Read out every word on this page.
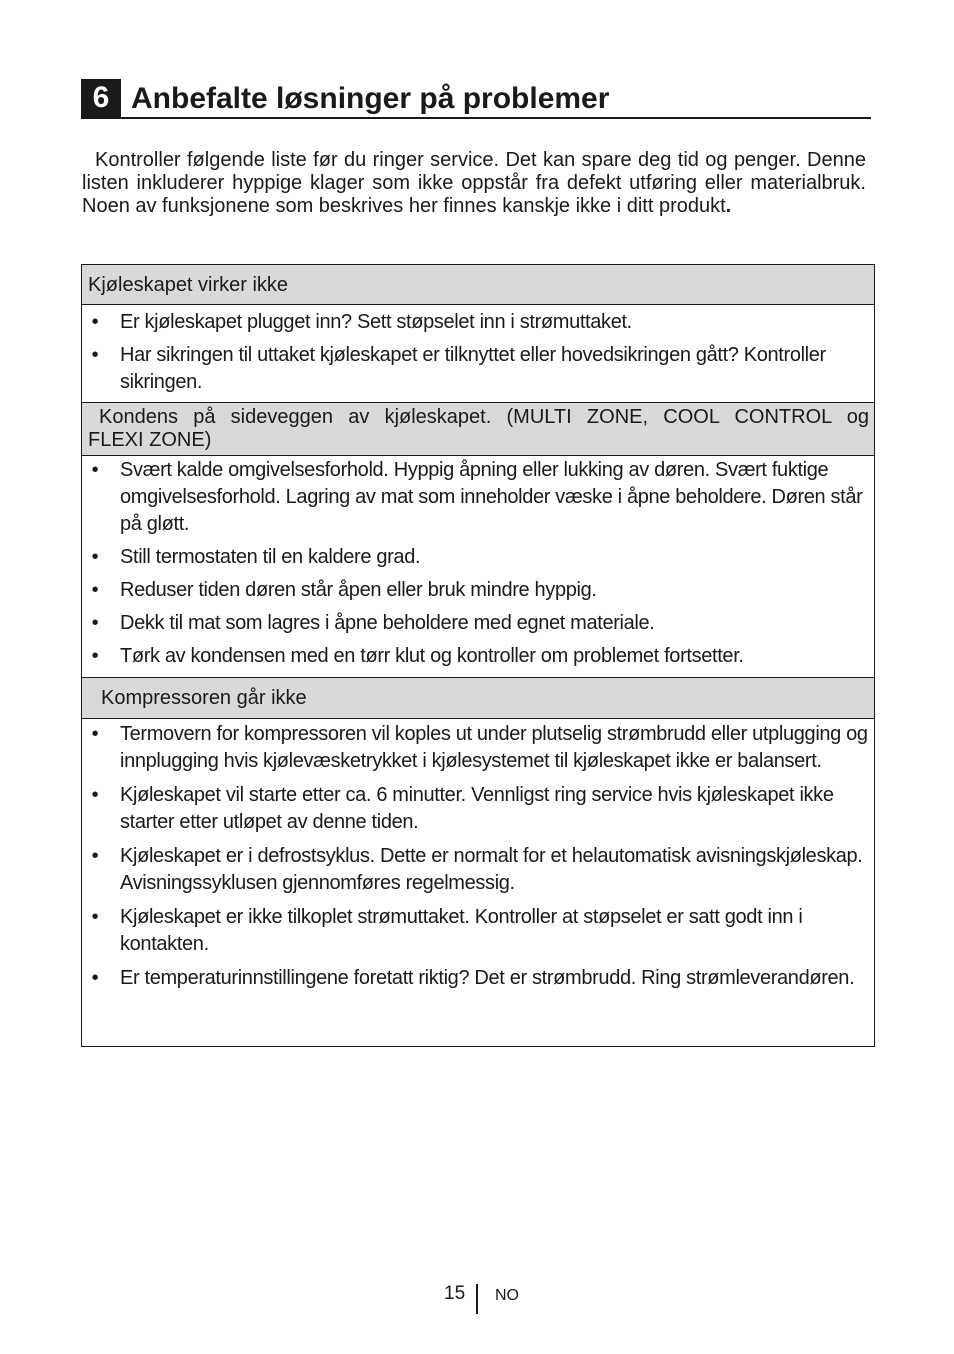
6 Anbefalte løsninger på problemer

Kontroller følgende liste før du ringer service. Det kan spare deg tid og penger. Denne listen inkluderer hyppige klager som ikke oppstår fra defekt utføring eller materialbruk. Noen av funksjonene som beskrives her finnes kanskje ikke i ditt produkt.

Kjøleskapet virker ikke
• Er kjøleskapet plugget inn? Sett støpselet inn i strømuttaket.
• Har sikringen til uttaket kjøleskapet er tilknyttet eller hovedsikringen gått? Kontroller sikringen.
Kondens på sideveggen av kjøleskapet. (MULTI ZONE, COOL CONTROL og
FLEXI ZONE)
• Svært kalde omgivelsesforhold. Hyppig åpning eller lukking av døren. Svært fuktige omgivelsesforhold. Lagring av mat som inneholder væske i åpne beholdere. Døren står på gløtt.
• Still termostaten til en kaldere grad.
• Reduser tiden døren står åpen eller bruk mindre hyppig.
• Dekk til mat som lagres i åpne beholdere med egnet materiale.
• Tørk av kondensen med en tørr klut og kontroller om problemet fortsetter.
Kompressoren går ikke
• Termovern for kompressoren vil koples ut under plutselig strømbrudd eller utplugging og innplugging hvis kjølevæsketrykket i kjølesystemet til kjøleskapet ikke er balansert.
• Kjøleskapet vil starte etter ca. 6 minutter. Vennligst ring service hvis kjøleskapet ikke starter etter utløpet av denne tiden.
• Kjøleskapet er i defrostsyklus. Dette er normalt for et helautomatisk avisningskjøleskap. Avisningssyklusen gjennomføres regelmessig.
• Kjøleskapet er ikke tilkoplet strømuttaket. Kontroller at støpselet er satt godt inn i kontakten.
• Er temperaturinnstillingene foretatt riktig? Det er strømbrudd. Ring strømleverandøren.
15 NO
